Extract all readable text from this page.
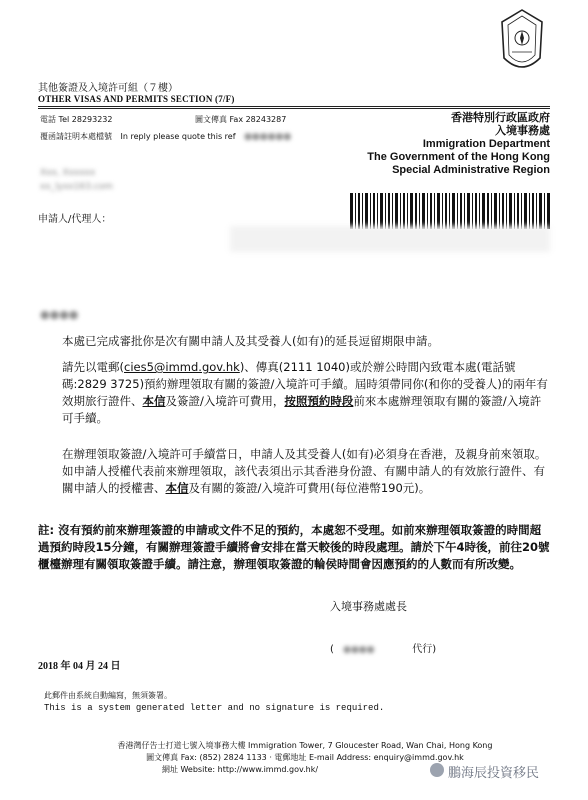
其他簽證及入境許可組（７樓）
OTHER VISAS AND PERMITS SECTION (7/F)
電話 Tel 28293232	圖文傳真 Fax 28243287
覆函請註明本處檔號 In reply please quote this ref ●●●●●●
香港特別行政區政府
入境事務處
Immigration Department
The Government of the Hong Kong
Special Administrative Region
Xxx, Xxxxxx
xx_lyxx163.com
申請人/代理人：
●●●●
本處已完成審批你是次有關申請人及其受養人(如有)的延長逗留期限申請。
請先以電郵(cies5@immd.gov.hk)、傳真(2111 1040)或於辦公時間內致電本處(電話號碼:2829 3725)預約辦理領取有關的簽證/入境許可手續。屆時須帶同你(和你的受養人)的兩年有效期旅行證件、本信及簽證/入境許可費用，按照預約時段前來本處辦理領取有關的簽證/入境許可手續。
在辦理領取簽證/入境許可手續當日，申請人及其受養人(如有)必須身在香港，及親身前來領取。如申請人授權代表前來辦理領取，該代表須出示其香港身份證、有關申請人的有效旅行證件、有關申請人的授權書、本信及有關的簽證/入境許可費用(每位港幣190元)。
註: 沒有預約前來辦理簽證的申請或文件不足的預約，本處恕不受理。如前來辦理領取簽證的時間超過預約時段15分鐘，有關辦理簽證手續將會安排在當天較後的時段處理。請於下午4時後，前往20號櫃檯辦理有關領取簽證手續。請注意，辦理領取簽證的輪侯時間會因應預約的人數而有所改變。
入境事務處處長
( ●●●●	代行)
2018 年 04 月 24 日
此郵件由系統自動編寫，無須簽署。
This is a system generated letter and no signature is required.
香港灣仔告士打道七號入境事務大樓 Immigration Tower, 7 Gloucester Road, Wan Chai, Hong Kong
圖文傳真 Fax: (852) 2824 1133 · 電郵地址 E-mail Address: enquiry@immd.gov.hk
網址 Website: http://www.immd.gov.hk/	鵬海辰投資移民
